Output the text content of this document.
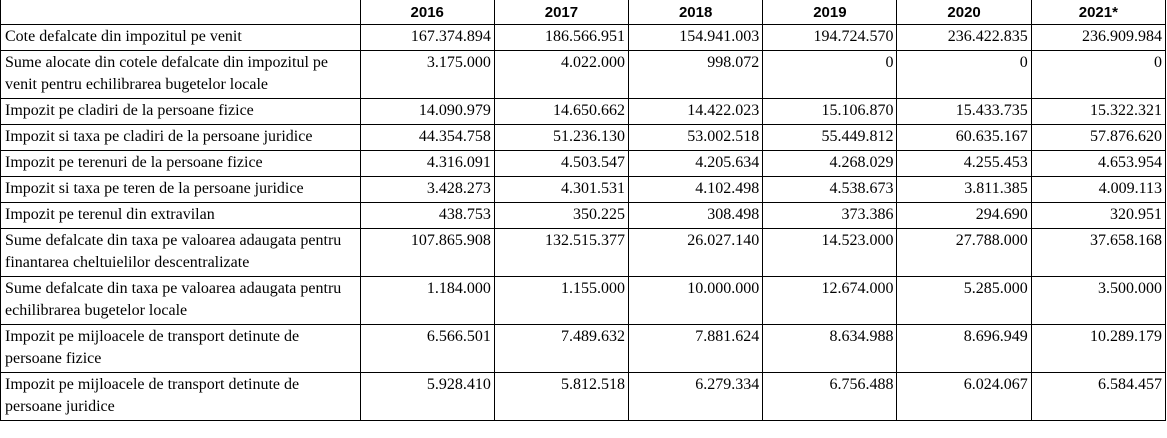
	2016	2017	2018	2019	2020	2021*
Cote defalcate din impozitul pe venit	167.374.894	186.566.951	154.941.003	194.724.570	236.422.835	236.909.984
Sume alocate din cotele defalcate din impozitul pe venit pentru echilibrarea bugetelor locale	3.175.000	4.022.000	998.072	0	0	0
Impozit pe cladiri de la persoane fizice	14.090.979	14.650.662	14.422.023	15.106.870	15.433.735	15.322.321
Impozit si taxa pe cladiri de la persoane juridice	44.354.758	51.236.130	53.002.518	55.449.812	60.635.167	57.876.620
Impozit pe terenuri de la persoane fizice	4.316.091	4.503.547	4.205.634	4.268.029	4.255.453	4.653.954
Impozit si taxa pe teren de la persoane juridice	3.428.273	4.301.531	4.102.498	4.538.673	3.811.385	4.009.113
Impozit pe terenul din extravilan	438.753	350.225	308.498	373.386	294.690	320.951
Sume defalcate din taxa pe valoarea adaugata pentru finantarea cheltuielilor descentralizate	107.865.908	132.515.377	26.027.140	14.523.000	27.788.000	37.658.168
Sume defalcate din taxa pe valoarea adaugata pentru echilibrarea bugetelor locale	1.184.000	1.155.000	10.000.000	12.674.000	5.285.000	3.500.000
Impozit pe mijloacele de transport detinute de persoane fizice	6.566.501	7.489.632	7.881.624	8.634.988	8.696.949	10.289.179
Impozit pe mijloacele de transport detinute de persoane juridice	5.928.410	5.812.518	6.279.334	6.756.488	6.024.067	6.584.457
